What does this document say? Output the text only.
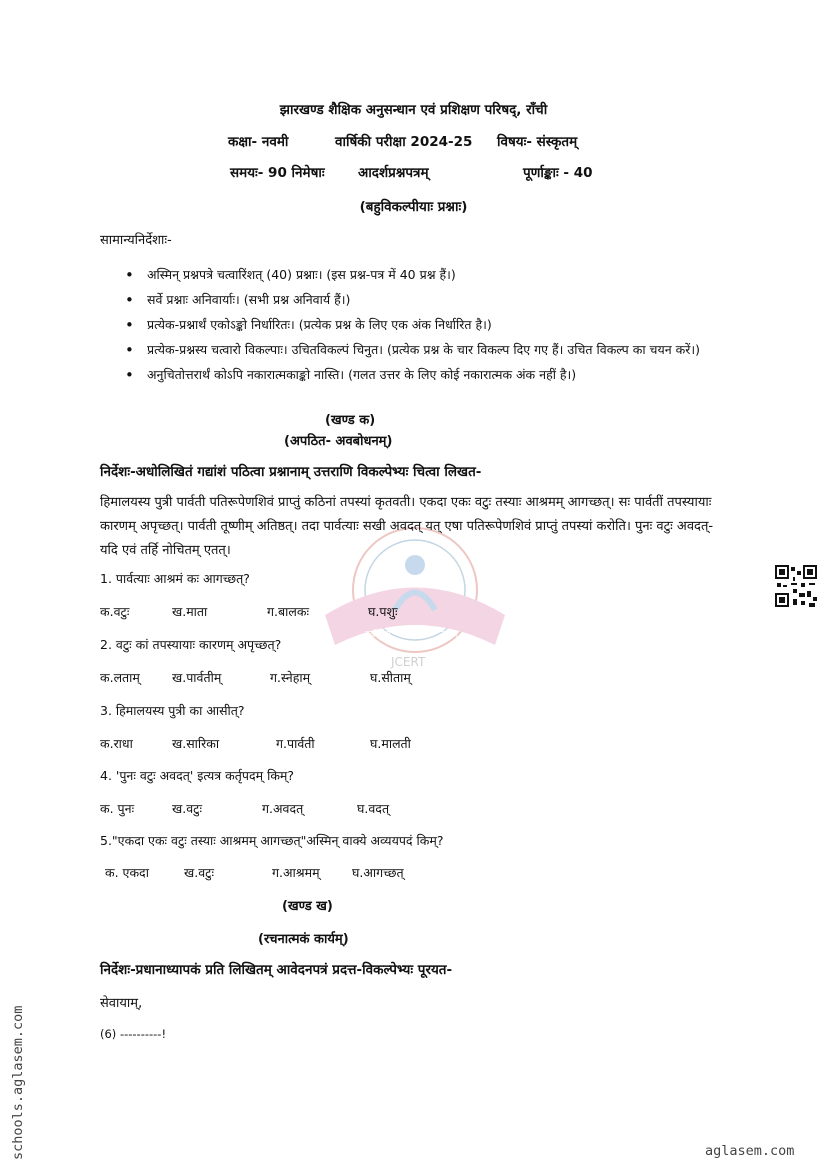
नवोन्मेष शोध नेतृत्व
JCERT
झारखण्ड शैक्षिक अनुसन्धान एवं प्रशिक्षण परिषद्, राँची
कक्षा- नवमी	वार्षिकी परीक्षा 2024-25 विषयः- संस्कृतम्
समयः- 90 निमेषाः आदर्शप्रश्नपत्रम्	पूर्णाङ्काः - 40
(बहुविकल्पीयाः प्रश्नाः)
सामान्यनिर्देशाः-
• अस्मिन् प्रश्नपत्रे चत्वारिंशत् (40) प्रश्नाः। (इस प्रश्न-पत्र में 40 प्रश्न हैं।)
• सर्वे प्रश्नाः अनिवार्याः। (सभी प्रश्न अनिवार्य हैं।)
• प्रत्येक-प्रश्नार्थं एकोऽङ्को निर्धारितः। (प्रत्येक प्रश्न के लिए एक अंक निर्धारित है।)
• प्रत्येक-प्रश्नस्य चत्वारो विकल्पाः। उचितविकल्पं चिनुत। (प्रत्येक प्रश्न के चार विकल्प दिए गए हैं। उचित विकल्प का चयन करें।)
• अनुचितोत्तरार्थं कोऽपि नकारात्मकाङ्को नास्ति। (गलत उत्तर के लिए कोई नकारात्मक अंक नहीं है।)
(खण्ड क)
(अपठित- अवबोधनम्)
निर्देशः-अधोलिखितं गद्यांशं पठित्वा प्रश्नानाम् उत्तराणि विकल्पेभ्यः चित्वा लिखत-
हिमालयस्य पुत्री पार्वती पतिरूपेणशिवं प्राप्तुं कठिनां तपस्यां कृतवती। एकदा एकः वटुः तस्याः आश्रमम् आगच्छत्। सः पार्वतीं तपस्यायाः कारणम् अपृच्छत्। पार्वती तूष्णीम् अतिष्ठत्। तदा पार्वत्याः सखी अवदत् यत् एषा पतिरूपेणशिवं प्राप्तुं तपस्यां करोति। पुनः वटुः अवदत्- यदि एवं तर्हि नोचितम् एतत्।
1. पार्वत्याः आश्रमं कः आगच्छत्?
क.वटुः	ख.माता	ग.बालकः	घ.पशुः
2. वटुः कां तपस्यायाः कारणम् अपृच्छत्?
क.लताम्	ख.पार्वतीम्	ग.स्नेहाम्	घ.सीताम्
3. हिमालयस्य पुत्री का आसीत्?
क.राधा	ख.सारिका	ग.पार्वती	घ.मालती
4. 'पुनः वटुः अवदत्' इत्यत्र कर्तृपदम् किम्?
क. पुनः	ख.वटुः	ग.अवदत्	घ.वदत्
5."एकदा एकः वटुः तस्याः आश्रमम् आगच्छत्"अस्मिन् वाक्ये अव्ययपदं किम्?
क. एकदा	ख.वटुः	ग.आश्रमम्	घ.आगच्छत्
(खण्ड ख)
(रचनात्मकं कार्यम्)
निर्देशः-प्रधानाध्यापकं प्रति लिखितम् आवेदनपत्रं प्रदत्त-विकल्पेभ्यः पूरयत-
सेवायाम्,
(6) ----------!
schools.aglasem.com	aglasem.com
